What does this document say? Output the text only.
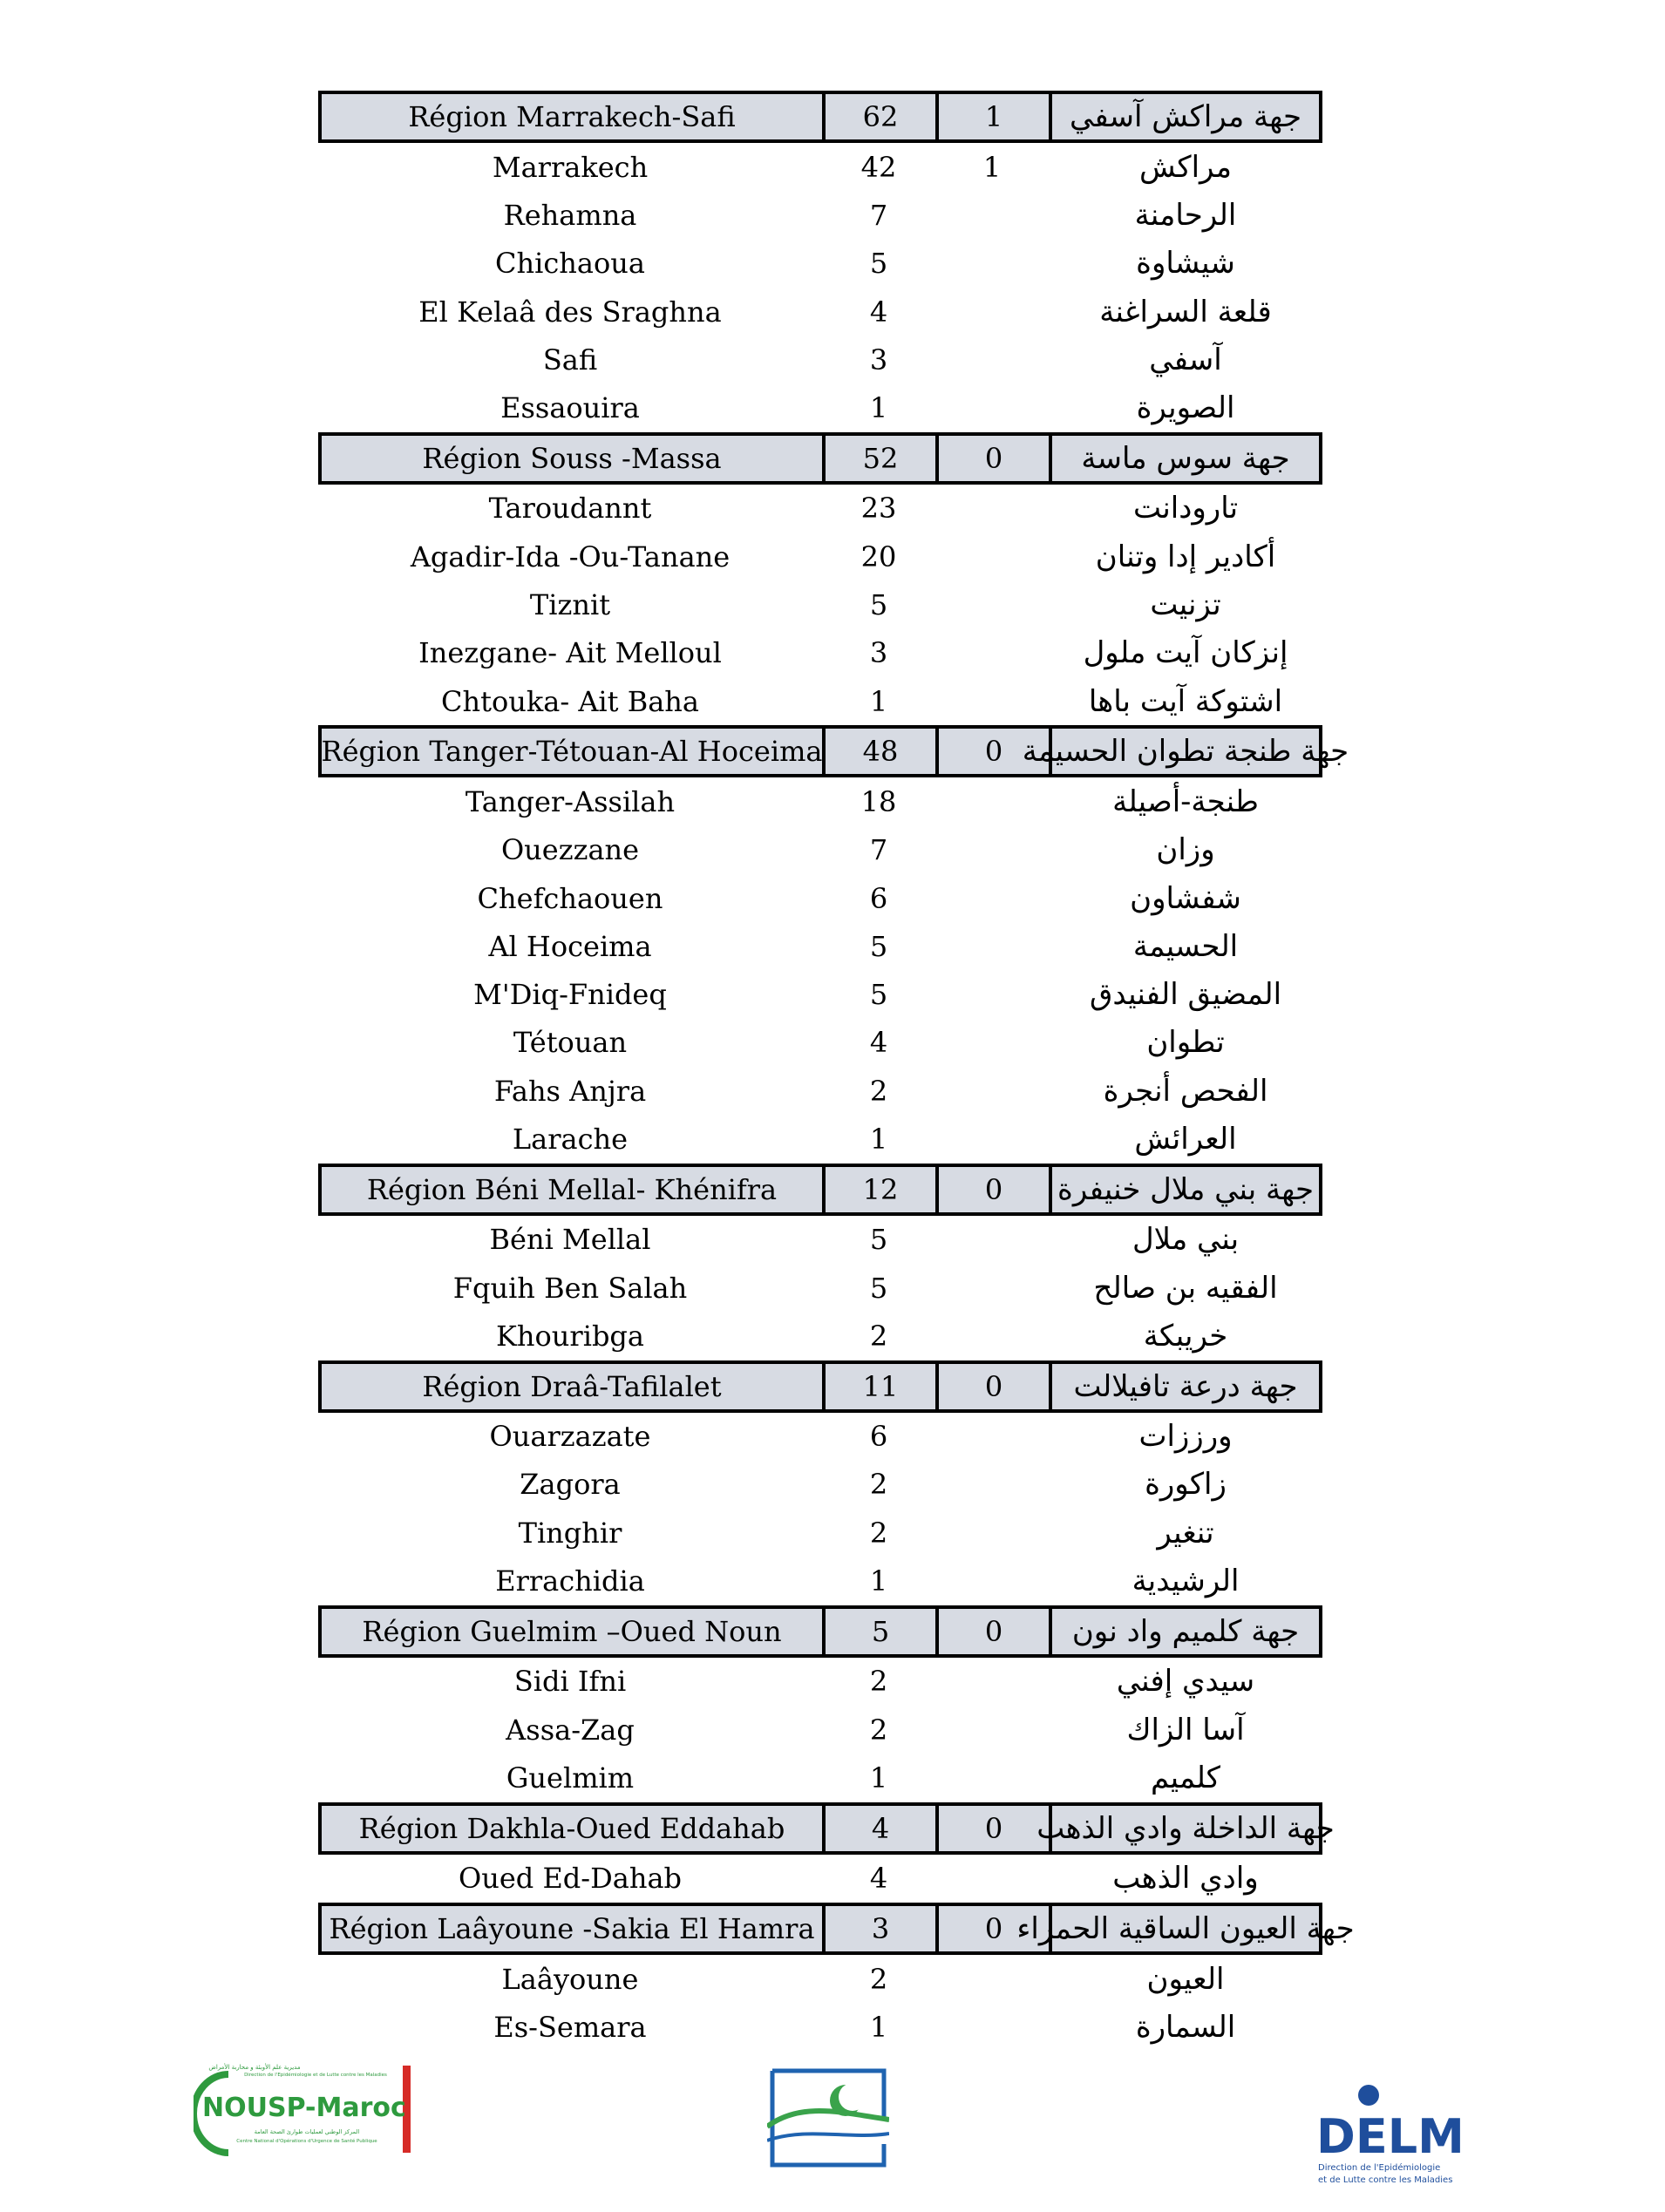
Région Marrakech-Safi	62	1	جهة مراكش آسفي
Marrakech	42	1	مراكش
Rehamna	7	الرحامنة
Chichaoua	5	شيشاوة
El Kelaâ des Sraghna	4	قلعة السراغنة
Safi	3	آسفي
Essaouira	1	الصويرة
Région Souss -Massa	52	0	جهة سوس ماسة
Taroudannt	23	تارودانت
Agadir-Ida -Ou-Tanane	20	أكادير إدا وتنان
Tiznit	5	تزنيت
Inezgane- Ait Melloul	3	إنزكان آيت ملول
Chtouka- Ait Baha	1	اشتوكة آيت باها
Région Tanger-Tétouan-Al Hoceima	48	0 جهة طنجة تطوان الحسيمة
Tanger-Assilah	18	طنجة-أصيلة
Ouezzane	7	وزان
Chefchaouen	6	شفشاون
Al Hoceima	5	الحسيمة
M'Diq-Fnideq	5	المضيق الفنيدق
Tétouan	4	تطوان
Fahs Anjra	2	الفحص أنجرة
Larache	1	العرائش
Région Béni Mellal- Khénifra	12	0	جهة بني ملال خنيفرة
Béni Mellal	5	بني ملال
Fquih Ben Salah	5	الفقيه بن صالح
Khouribga	2	خريبكة
Région Draâ-Tafilalet	11	0	جهة درعة تافيلالت
Ouarzazate	6	ورززات
Zagora	2	زاكورة
Tinghir	2	تنغير
Errachidia	1	الرشيدية
Région Guelmim –Oued Noun	5	0	جهة كلميم واد نون
Sidi Ifni	2	سيدي إفني
Assa-Zag	2	آسا الزاك
Guelmim	1	كلميم
Région Dakhla-Oued Eddahab	4	0	جهة الداخلة وادي الذهب
Oued Ed-Dahab	4	وادي الذهب
Région Laâyoune -Sakia El Hamra	3	0 جهة العيون الساقية الحمراء
Laâyoune	2	العيون
Es-Semara	1	السمارة
مديرية علم الأوبئة و محاربة الأمراض
Direction de l'Epidémiologie et de Lutte contre les Maladies
NOUSP-Maroc
المركز الوطني لعمليات طوارئ الصحة العامة
Centre National d'Opérations d'Urgence de Santé Publique	DELM
Direction de l'Epidémiologie
et de Lutte contre les Maladies
